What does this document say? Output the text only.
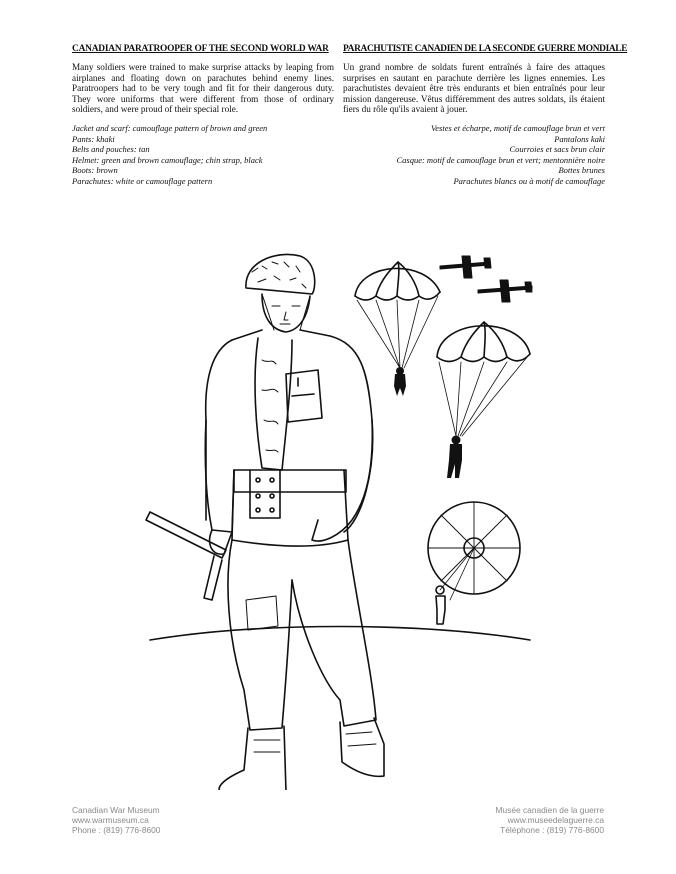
CANADIAN PARATROOPER OF THE SECOND WORLD WAR

Many soldiers were trained to make surprise attacks by leaping from airplanes and floating down on parachutes behind enemy lines. Paratroopers had to be very tough and fit for their dangerous duty. They wore uniforms that were different from those of ordinary soldiers, and were proud of their special role.

Jacket and scarf: camouflage pattern of brown and green
Pants: khaki
Belts and pouches: tan
Helmet: green and brown camouflage; chin strap, black
Boots: brown
Parachutes: white or camouflage pattern
PARACHUTISTE CANADIEN DE LA SECONDE GUERRE MONDIALE

Un grand nombre de soldats furent entraînés à faire des attaques surprises en sautant en parachute derrière les lignes ennemies. Les parachutistes devaient être très endurants et bien entraînés pour leur mission dangereuse. Vêtus différemment des autres soldats, ils étaient fiers du rôle qu'ils avaient à jouer.

Vestes et écharpe, motif de camouflage brun et vert
Pantalons kaki
Courroies et sacs brun clair
Casque: motif de camouflage brun et vert; mentonnière noire
Bottes brunes
Parachutes blancs ou à motif de camouflage
Canadian War Museum
www.warmuseum.ca
Phone : (819) 776-8600
Musée canadien de la guerre
www.museedelaguerre.ca
Téléphone : (819) 776-8600
